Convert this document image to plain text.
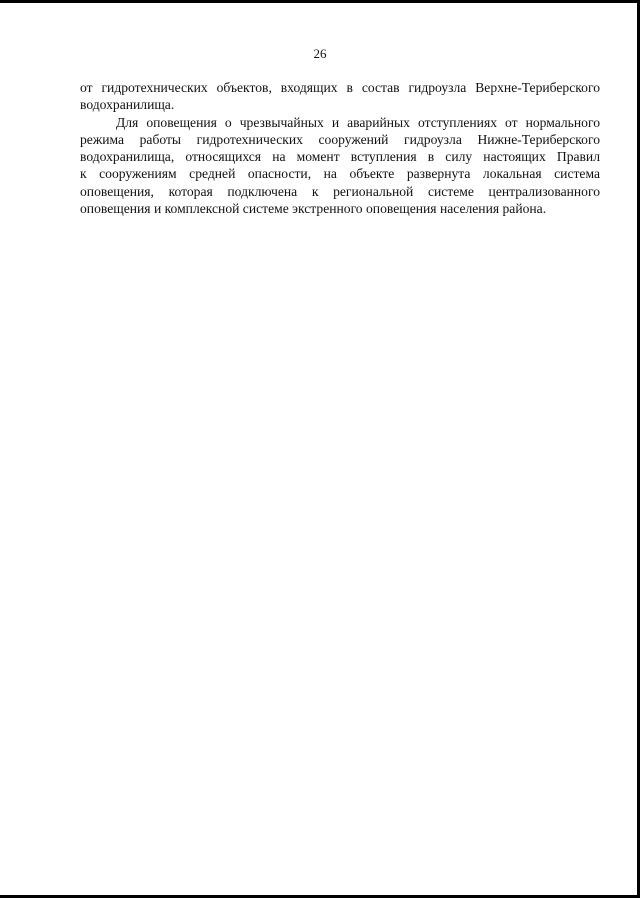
26
от гидротехнических объектов, входящих в состав гидроузла Верхне-Териберского
водохранилища.
Для оповещения о чрезвычайных и аварийных отступлениях от нормального
режима работы гидротехнических сооружений гидроузла Нижне-Териберского
водохранилища, относящихся на момент вступления в силу настоящих Правил
к сооружениям средней опасности, на объекте развернута локальная система
оповещения, которая подключена к региональной системе централизованного
оповещения и комплексной системе экстренного оповещения населения района.
